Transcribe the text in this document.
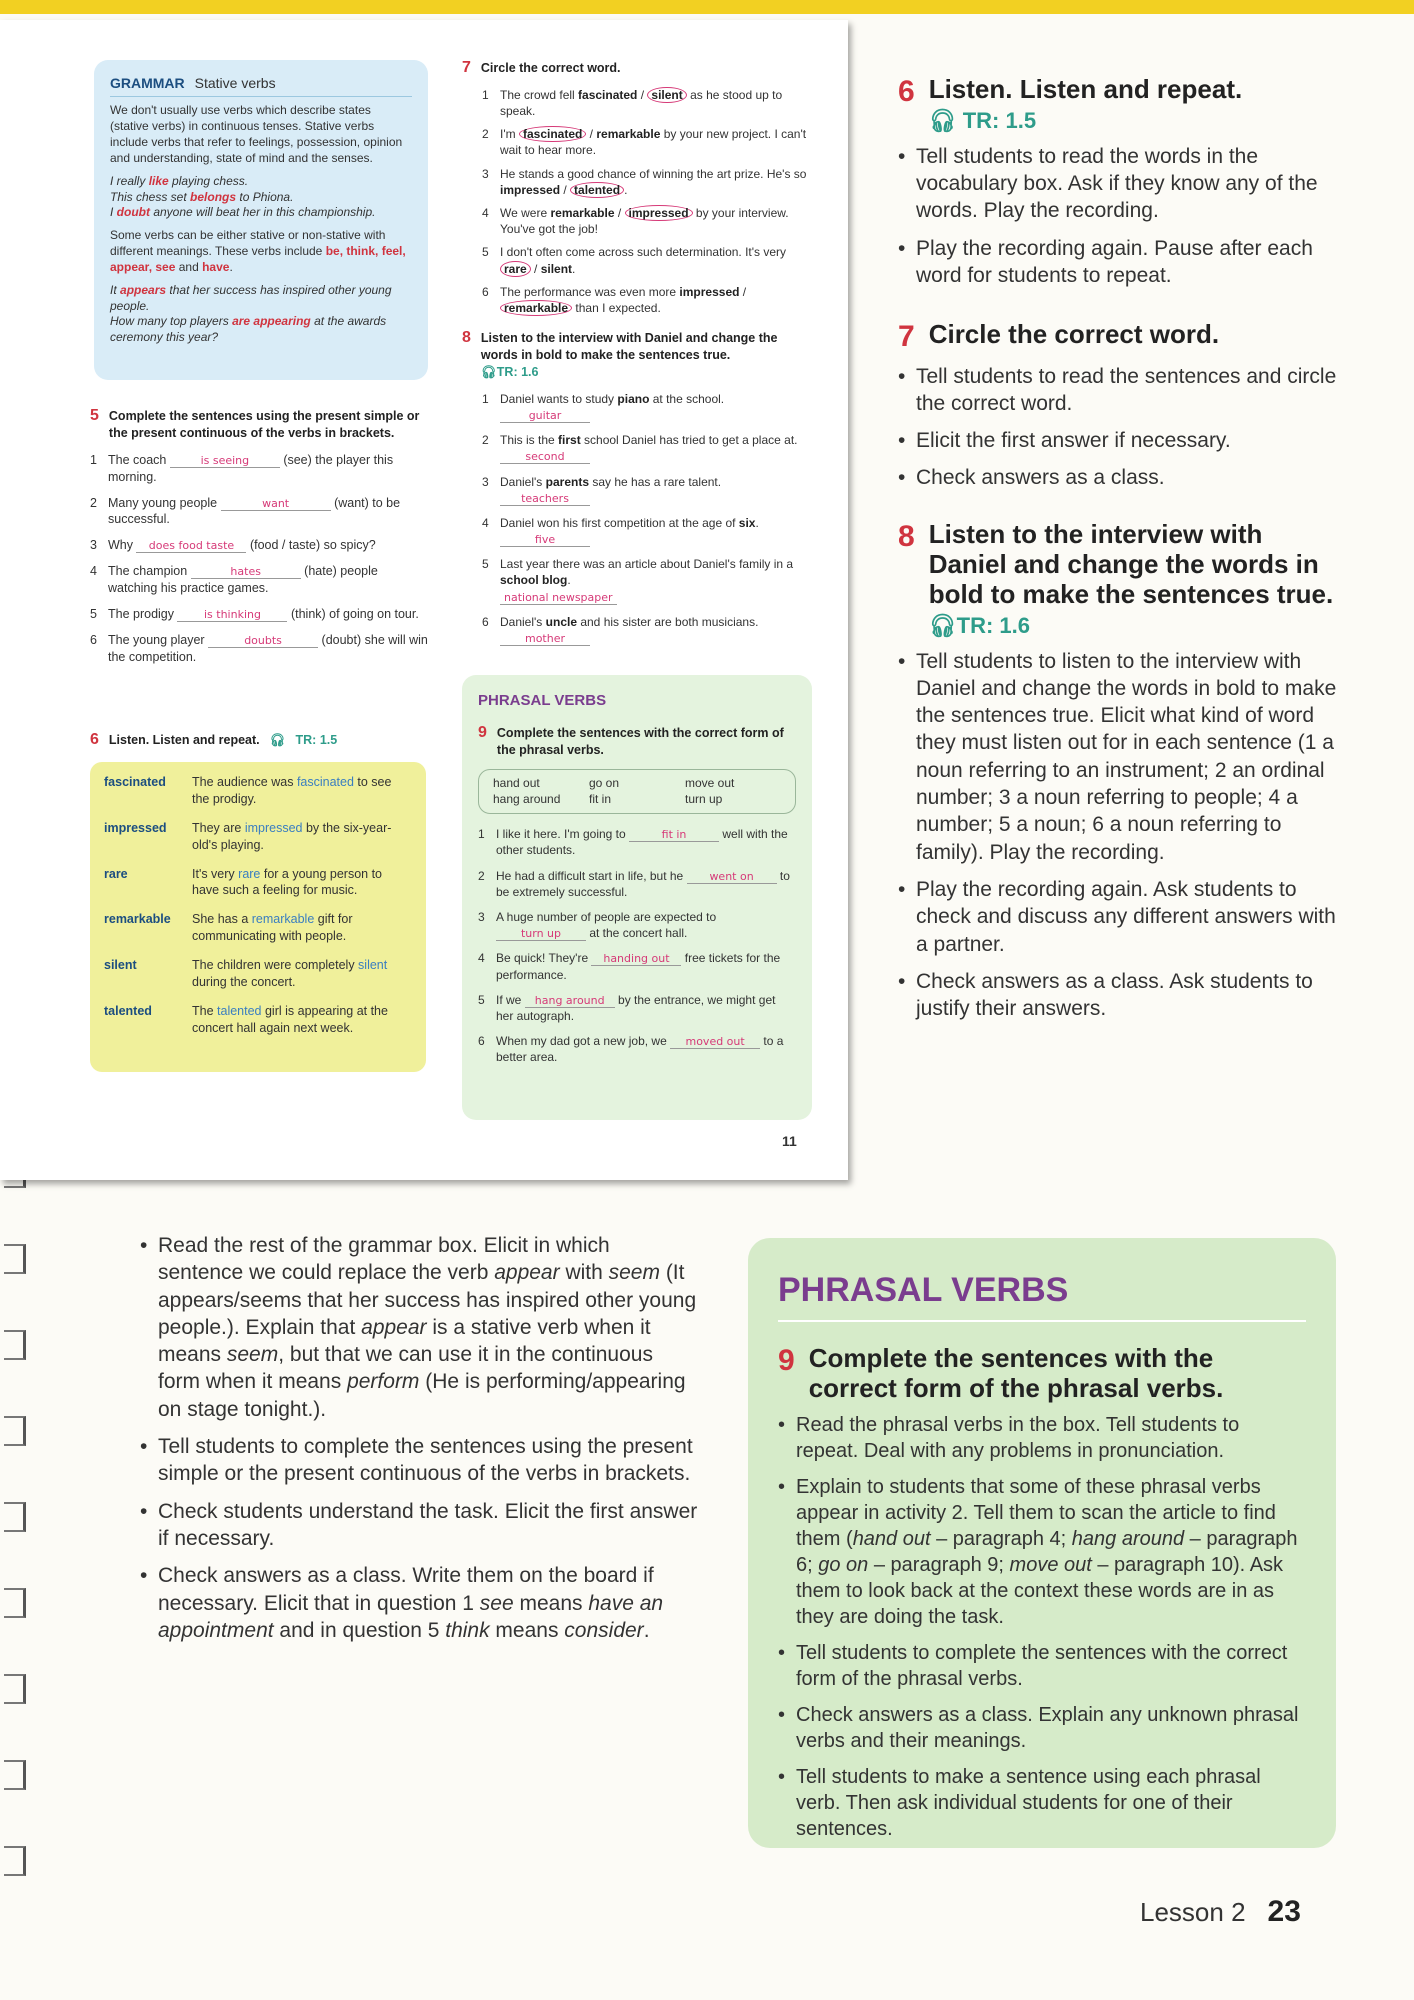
GRAMMAR Stative verbs

We don't usually use verbs which describe states (stative verbs) in continuous tenses. Stative verbs include verbs that refer to feelings, possession, opinion and understanding, state of mind and the senses.

I really like playing chess.
This chess set belongs to Phiona.
I doubt anyone will beat her in this championship.

Some verbs can be either stative or non-stative with different meanings. These verbs include be, think, feel, appear, see and have.

It appears that her success has inspired other young people.
How many top players are appearing at the awards ceremony this year?

5 Complete the sentences using the present simple or the present continuous of the verbs in brackets.
1 The coach	is seeing (see) the player this morning.
2 Many young people	want	(want) to be successful.
3 Why does food taste (food / taste) so spicy?
4 The champion	hates	(hate) people watching his practice games.
5 The prodigy is thinking (think) of going on tour.
6 The young player	doubts	(doubt) she will win the competition.
6 Listen. Listen and repeat. 🎧︎ TR: 1.5
fascinated	The audience was fascinated to see the prodigy.
impressed	They are impressed by the six-year-old's playing.
rare	It's very rare for a young person to have such a feeling for music.
remarkable	She has a remarkable gift for communicating with people.
silent	The children were completely silent during the concert.
talented	The talented girl is appearing at the concert hall again next week.
7 Circle the correct word.
1 The crowd fell fascinated / silent as he stood up to speak.
2 I'm fascinated / remarkable by your new project. I can't wait to hear more.
3 He stands a good chance of winning the art prize. He's so impressed / talented .
4 We were remarkable / impressed by your interview. You've got the job!
5 I don't often come across such determination. It's very rare / silent.
6 The performance was even more impressed / remarkable than I expected.
8 Listen to the interview with Daniel and change the words in bold to make the sentences true.
🎧︎TR: 1.6
1 Daniel wants to study piano at the school.
guitar
2 This is the first school Daniel has tried to get a place at.
second
3 Daniel's parents say he has a rare talent.
teachers
4 Daniel won his first competition at the age of six.
five
5 Last year there was an article about Daniel's family in a school blog.
national newspaper
6 Daniel's uncle and his sister are both musicians.
mother
PHRASAL VERBS
9 Complete the sentences with the correct form of the phrasal verbs.
hand out	go on	move out
hang around	fit in	turn up
1 I like it here. I'm going to	fit in	well with the other students.
2 He had a difficult start in life, but he went on to be extremely successful.
3 A huge number of people are expected to turn up at the concert hall.
4 Be quick! They're handing out free tickets for the performance.
5 If we hang around by the entrance, we might get her autograph.
6 When my dad got a new job, we moved out to a better area.
11
6 Listen. Listen and repeat.
🎧︎ TR: 1.5
• Tell students to read the words in the vocabulary box. Ask if they know any of the words. Play the recording.
• Play the recording again. Pause after each word for students to repeat.
7 Circle the correct word.
• Tell students to read the sentences and circle the correct word.
• Elicit the first answer if necessary.
• Check answers as a class.
8 Listen to the interview with Daniel and change the words in bold to make the sentences true. 🎧︎TR: 1.6
• Tell students to listen to the interview with Daniel and change the words in bold to make the sentences true. Elicit what kind of word they must listen out for in each sentence (1 a noun referring to an instrument; 2 an ordinal number; 3 a noun referring to people; 4 a number; 5 a noun; 6 a noun referring to family). Play the recording.
• Play the recording again. Ask students to check and discuss any different answers with a partner.
• Check answers as a class. Ask students to justify their answers.
• Read the rest of the grammar box. Elicit in which sentence we could replace the verb appear with seem (It appears/seems that her success has inspired other young people.). Explain that appear is a stative verb when it means seem, but that we can use it in the continuous form when it means perform (He is performing/appearing on stage tonight.).
• Tell students to complete the sentences using the present simple or the present continuous of the verbs in brackets.
• Check students understand the task. Elicit the first answer if necessary.
• Check answers as a class. Write them on the board if necessary. Elicit that in question 1 see means have an appointment and in question 5 think means consider.
PHRASAL VERBS
9 Complete the sentences with the correct form of the phrasal verbs.
• Read the phrasal verbs in the box. Tell students to repeat. Deal with any problems in pronunciation.
• Explain to students that some of these phrasal verbs appear in activity 2. Tell them to scan the article to find them (hand out – paragraph 4; hang around – paragraph 6; go on – paragraph 9; move out – paragraph 10). Ask them to look back at the context these words are in as they are doing the task.
• Tell students to complete the sentences with the correct form of the phrasal verbs.
• Check answers as a class. Explain any unknown phrasal verbs and their meanings.
• Tell students to make a sentence using each phrasal verb. Then ask individual students for one of their sentences.
Lesson 2 23
